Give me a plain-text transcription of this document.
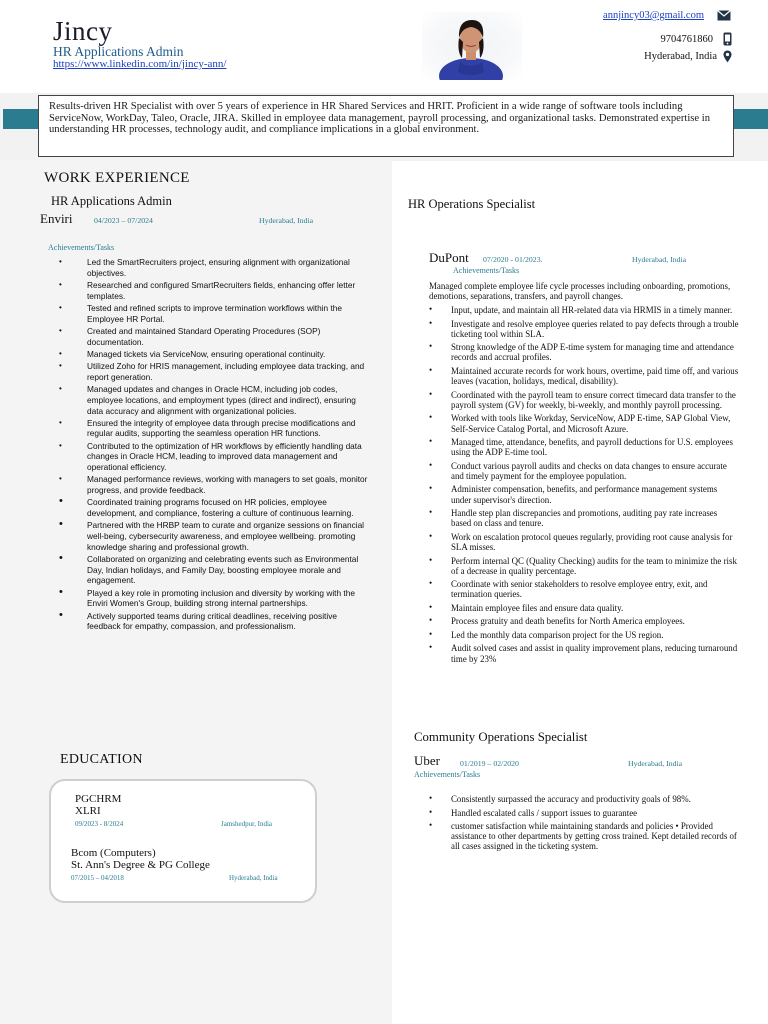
Jincy
HR Applications Admin
https://www.linkedin.com/in/jincy-ann/
annjincy03@gmail.com
9704761860
Hyderabad, India
Results-driven HR Specialist with over 5 years of experience in HR Shared Services and HRIT. Proficient in a wide range of software tools including ServiceNow, WorkDay, Taleo, Oracle, JIRA. Skilled in employee data management, payroll processing, and organizational tasks. Demonstrated expertise in understanding HR processes, technology audit, and compliance implications in a global environment.
WORK EXPERIENCE
HR Applications Admin
Enviri	04/2023 – 07/2024	Hyderabad, India
Achievements/Tasks
• Led the SmartRecruiters project, ensuring alignment with organizational objectives.
• Researched and configured SmartRecruiters fields, enhancing offer letter templates.
• Tested and refined scripts to improve termination workflows within the Employee HR Portal.
• Created and maintained Standard Operating Procedures (SOP) documentation.
• Managed tickets via ServiceNow, ensuring operational continuity.
• Utilized Zoho for HRIS management, including employee data tracking, and report generation.
• Managed updates and changes in Oracle HCM, including job codes, employee locations, and employment types (direct and indirect), ensuring data accuracy and alignment with organizational policies.
• Ensured the integrity of employee data through precise modifications and regular audits, supporting the seamless operation HR functions.
• Contributed to the optimization of HR workflows by efficiently handling data changes in Oracle HCM, leading to improved data management and operational efficiency.
• Managed performance reviews, working with managers to set goals, monitor progress, and provide feedback.
• Coordinated training programs focused on HR policies, employee development, and compliance, fostering a culture of continuous learning.
• Partnered with the HRBP team to curate and organize sessions on financial well-being, cybersecurity awareness, and employee wellbeing. promoting knowledge sharing and professional growth.
• Collaborated on organizing and celebrating events such as Environmental Day, Indian holidays, and Family Day, boosting employee morale and engagement.
• Played a key role in promoting inclusion and diversity by working with the Enviri Women's Group, building strong internal partnerships.
• Actively supported teams during critical deadlines, receiving positive feedback for empathy, compassion, and professionalism.
EDUCATION
PGCHRM
XLRI
09/2023 - 8/2024	Jamshedpur, India
Bcom (Computers)
St. Ann's Degree & PG College
07/2015 – 04/2018	Hyderabad, India
HR Operations Specialist
DuPont 07/2020 - 01/2023.	Hyderabad, India
Achievements/Tasks
Managed complete employee life cycle processes including onboarding, promotions, demotions, separations, transfers, and payroll changes.
• Input, update, and maintain all HR-related data via HRMIS in a timely manner.
• Investigate and resolve employee queries related to pay defects through a trouble ticketing tool within SLA.
• Strong knowledge of the ADP E-time system for managing time and attendance records and accrual profiles.
• Maintained accurate records for work hours, overtime, paid time off, and various leaves (vacation, holidays, medical, disability).
• Coordinated with the payroll team to ensure correct timecard data transfer to the payroll system (GV) for weekly, bi-weekly, and monthly payroll processing.
• Worked with tools like Workday, ServiceNow, ADP E-time, SAP Global View, Self-Service Catalog Portal, and Microsoft Azure.
• Managed time, attendance, benefits, and payroll deductions for U.S. employees using the ADP E-time tool.
• Conduct various payroll audits and checks on data changes to ensure accurate and timely payment for the employee population.
• Administer compensation, benefits, and performance management systems under supervisor's direction.
• Handle step plan discrepancies and promotions, auditing pay rate increases based on class and tenure.
• Work on escalation protocol queues regularly, providing root cause analysis for SLA misses.
• Perform internal QC (Quality Checking) audits for the team to minimize the risk of a decrease in quality percentage.
• Coordinate with senior stakeholders to resolve employee entry, exit, and termination queries.
• Maintain employee files and ensure data quality.
• Process gratuity and death benefits for North America employees.
• Led the monthly data comparison project for the US region.
• Audit solved cases and assist in quality improvement plans, reducing turnaround time by 23%
Community Operations Specialist
Uber	01/2019 – 02/2020	Hyderabad, India
Achievements/Tasks
• Consistently surpassed the accuracy and productivity goals of 98%.
• Handled escalated calls / support issues to guarantee
• customer satisfaction while maintaining standards and policies • Provided assistance to other departments by getting cross trained. Kept detailed records of all cases assigned in the ticketing system.
